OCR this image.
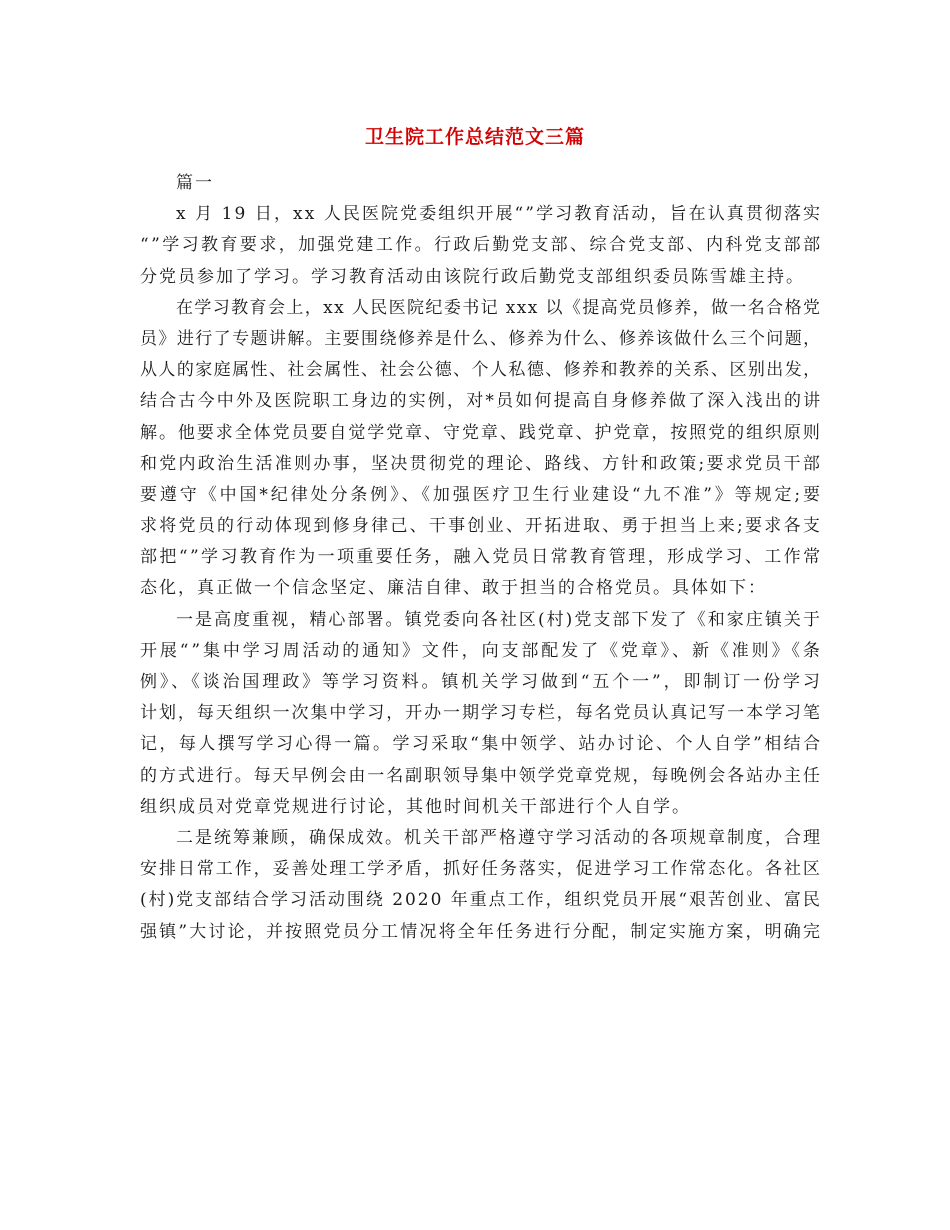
卫生院工作总结范文三篇
篇一
x 月 19 日，xx 人民医院党委组织开展“”学习教育活动，旨在认真贯彻落实
“”学习教育要求，加强党建工作。行政后勤党支部、综合党支部、内科党支部部
分党员参加了学习。学习教育活动由该院行政后勤党支部组织委员陈雪雄主持。
在学习教育会上，xx 人民医院纪委书记 xxx 以《提高党员修养，做一名合格党
员》进行了专题讲解。主要围绕修养是什么、修养为什么、修养该做什么三个问题，
从人的家庭属性、社会属性、社会公德、个人私德、修养和教养的关系、区别出发，
结合古今中外及医院职工身边的实例，对*员如何提高自身修养做了深入浅出的讲
解。他要求全体党员要自觉学党章、守党章、践党章、护党章，按照党的组织原则
和党内政治生活准则办事，坚决贯彻党的理论、路线、方针和政策;要求党员干部
要遵守《中国*纪律处分条例》、《加强医疗卫生行业建设“九不准”》等规定;要
求将党员的行动体现到修身律己、干事创业、开拓进取、勇于担当上来;要求各支
部把“”学习教育作为一项重要任务，融入党员日常教育管理，形成学习、工作常
态化，真正做一个信念坚定、廉洁自律、敢于担当的合格党员。具体如下：
一是高度重视，精心部署。镇党委向各社区(村)党支部下发了《和家庄镇关于
开展“”集中学习周活动的通知》文件，向支部配发了《党章》、新《准则》《条
例》、《谈治国理政》等学习资料。镇机关学习做到“五个一”，即制订一份学习
计划，每天组织一次集中学习，开办一期学习专栏，每名党员认真记写一本学习笔
记，每人撰写学习心得一篇。学习采取“集中领学、站办讨论、个人自学”相结合
的方式进行。每天早例会由一名副职领导集中领学党章党规，每晚例会各站办主任
组织成员对党章党规进行讨论，其他时间机关干部进行个人自学。
二是统筹兼顾，确保成效。机关干部严格遵守学习活动的各项规章制度，合理
安排日常工作，妥善处理工学矛盾，抓好任务落实，促进学习工作常态化。各社区
(村)党支部结合学习活动围绕 2020 年重点工作，组织党员开展“艰苦创业、富民
强镇”大讨论，并按照党员分工情况将全年任务进行分配，制定实施方案，明确完
